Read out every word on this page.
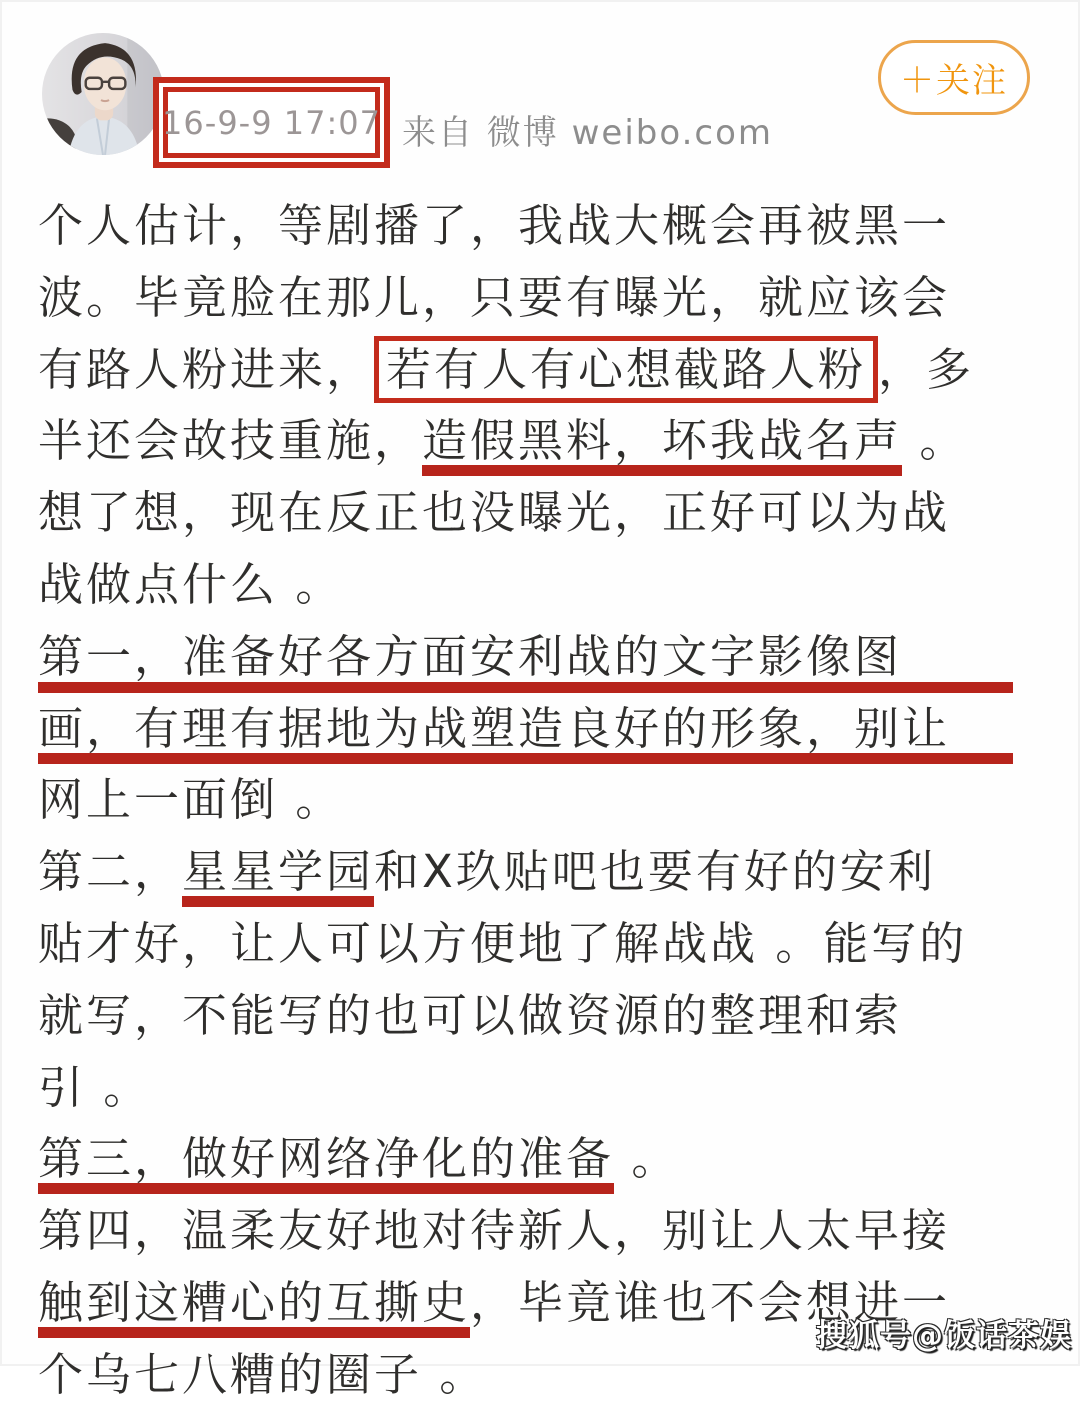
16-9-9 17:07 来自 微博 weibo.com
＋关注
个人估计，等剧播了，我战大概会再被黑一
波。毕竟脸在那儿，只要有曝光，就应该会
有路人粉进来， 若有人有心想截路人粉 ，多
半还会故技重施，造假黑料，坏我战名声 。
想了想，现在反正也没曝光，正好可以为战
战做点什么 。
第一，准备好各方面安利战的文字影像图
画，有理有据地为战塑造良好的形象，别让
网上一面倒 。
第二，星星学园和X玖贴吧也要有好的安利
贴才好，让人可以方便地了解战战 。能写的
就写，不能写的也可以做资源的整理和索
引 。
第三，做好网络净化的准备 。
第四，温柔友好地对待新人，别让人太早接
触到这糟心的互撕史，毕竟谁也不会想进一
个乌七八糟的圈子 。
搜狐号@饭话茶娱
